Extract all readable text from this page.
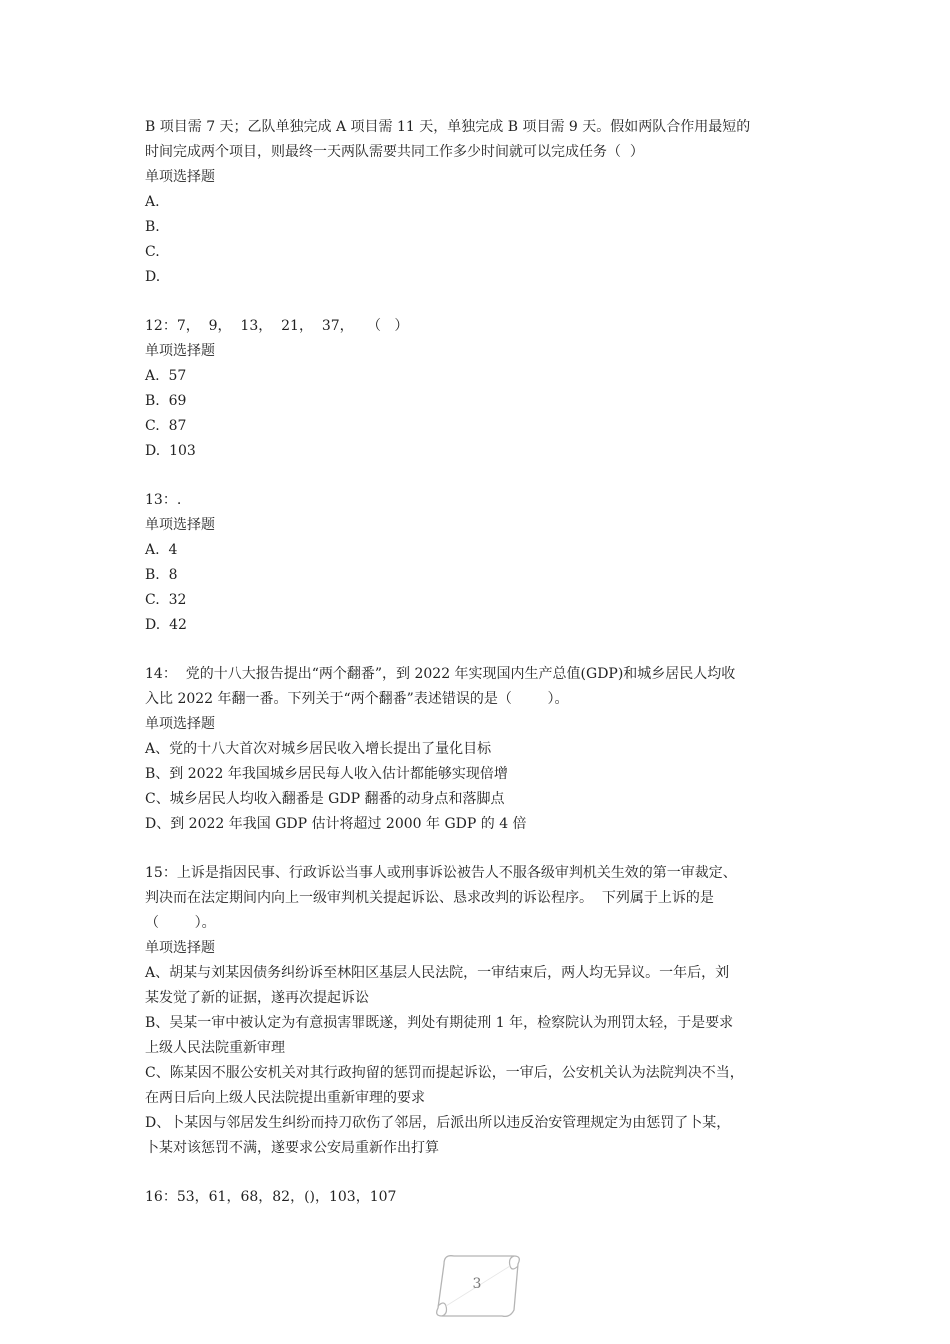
B 项目需 7 天；乙队单独完成 A 项目需 11 天，单独完成 B 项目需 9 天。假如两队合作用最短的
时间完成两个项目，则最终一天两队需要共同工作多少时间就可以完成任务（  ）
单项选择题
A.
B.
C.
D.
12：7，  9，  13，  21，  37，   （   ）
单项选择题
A.  57
B.  69
C.  87
D.  103
13：.
单项选择题
A.  4
B.  8
C.  32
D.  42
14：  党的十八大报告提出“两个翻番”，到 2022 年实现国内生产总值(GDP)和城乡居民人均收
入比 2022 年翻一番。下列关于“两个翻番”表述错误的是（        ）。
单项选择题
A、党的十八大首次对城乡居民收入增长提出了量化目标
B、到 2022 年我国城乡居民每人收入估计都能够实现倍增
C、城乡居民人均收入翻番是 GDP 翻番的动身点和落脚点
D、到 2022 年我国 GDP 估计将超过 2000 年 GDP 的 4 倍
15：上诉是指因民事、行政诉讼当事人或刑事诉讼被告人不服各级审判机关生效的第一审裁定、
判决而在法定期间内向上一级审判机关提起诉讼、恳求改判的诉讼程序。  下列属于上诉的是
（        ）。
单项选择题
A、胡某与刘某因债务纠纷诉至林阳区基层人民法院，一审结束后，两人均无异议。一年后，刘
某发觉了新的证据，遂再次提起诉讼
B、吴某一审中被认定为有意损害罪既遂，判处有期徒刑 1 年，检察院认为刑罚太轻，于是要求
上级人民法院重新审理
C、陈某因不服公安机关对其行政拘留的惩罚而提起诉讼，一审后，公安机关认为法院判决不当，
在两日后向上级人民法院提出重新审理的要求
D、卜某因与邻居发生纠纷而持刀砍伤了邻居，后派出所以违反治安管理规定为由惩罚了卜某，
卜某对该惩罚不满，遂要求公安局重新作出打算
16：53，61，68，82，()，103，107
3
